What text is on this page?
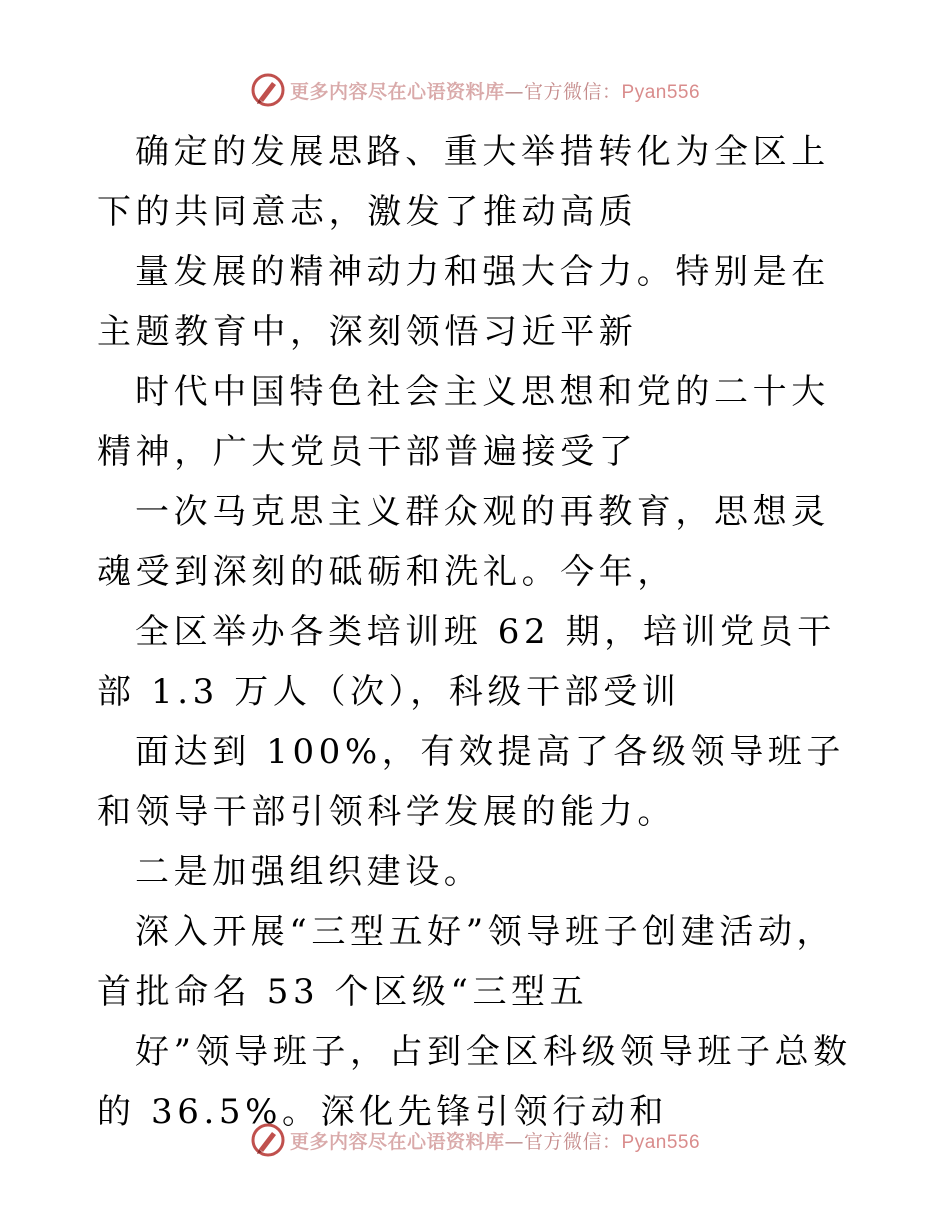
更多内容尽在心语资料库—官方微信：Pyan556

确定的发展思路、重大举措转化为全区上下的共同意志，激发了推动高质

量发展的精神动力和强大合力。特别是在主题教育中，深刻领悟习近平新

时代中国特色社会主义思想和党的二十大精神，广大党员干部普遍接受了

一次马克思主义群众观的再教育，思想灵魂受到深刻的砥砺和洗礼。今年，

全区举办各类培训班 62 期，培训党员干部 1.3 万人（次），科级干部受训

面达到 100%，有效提高了各级领导班子和领导干部引领科学发展的能力。

二是加强组织建设。

深入开展“三型五好”领导班子创建活动，首批命名 53 个区级“三型五

好”领导班子，占到全区科级领导班子总数的 36.5%。深化先锋引领行动和

更多内容尽在心语资料库—官方微信：Pyan556
